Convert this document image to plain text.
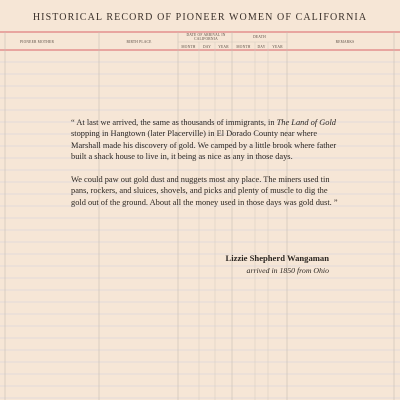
HISTORICAL RECORD OF PIONEER WOMEN OF CALIFORNIA
PIONEER MOTHER	BIRTH PLACE
DATE OF ARRIVAL IN CALIFORNIA	DEATH
REMARKS
MONTH	DAY	YEAR	MONTH	DAY	YEAR

“ At last we arrived, the same as thousands of immigrants, in The Land of Gold stopping in Hangtown (later Placerville) in El Dorado County near where Marshall made his discovery of gold. We camped by a little brook where father built a shack house to live in, it being as nice as any in those days.

We could paw out gold dust and nuggets most any place. The miners used tin pans, rockers, and sluices, shovels, and picks and plenty of muscle to dig the gold out of the ground. About all the money used in those days was gold dust. ”

Lizzie Shepherd Wangaman
arrived in 1850 from Ohio
